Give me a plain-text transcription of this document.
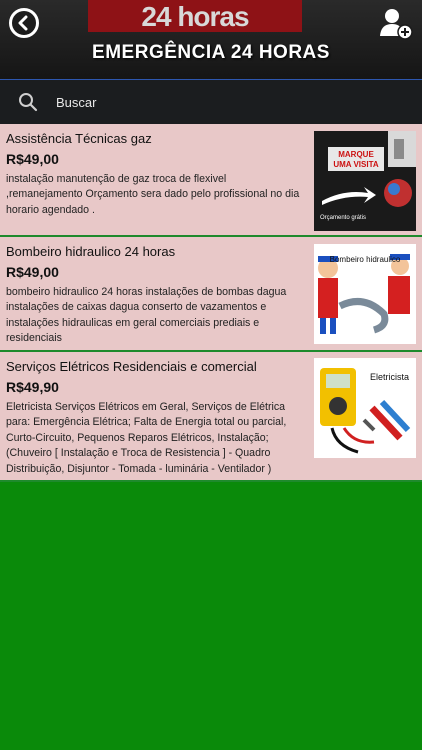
24 horas
EMERGÊNCIA 24 HORAS
Buscar
Assistência Técnicas gaz
R$49,00
instalação manutenção de gaz troca de flexivel ,remanejamento Orçamento sera dado pelo profissional no dia horario agendado .
MARQUE
UMA VISITA
Orçamento grátis
Bombeiro hidraulico 24 horas
R$49,00
bombeiro hidraulico 24 horas instalações de bombas dagua instalações de caixas dagua conserto de vazamentos e instalações hidraulicas em geral comerciais prediais e residenciais
Bombeiro hidraulico
Serviços Elétricos Residenciais e comercial
R$49,90
Eletricista Serviços Elétricos em Geral, Serviços de Elétrica para: Emergência Elétrica; Falta de Energia total ou parcial, Curto-Circuito, Pequenos Reparos Elétricos, Instalação; (Chuveiro [ Instalação e Troca de Resistencia ] - Quadro Distribuição, Disjuntor - Tomada - luminária - Ventilador )
Eletricista
